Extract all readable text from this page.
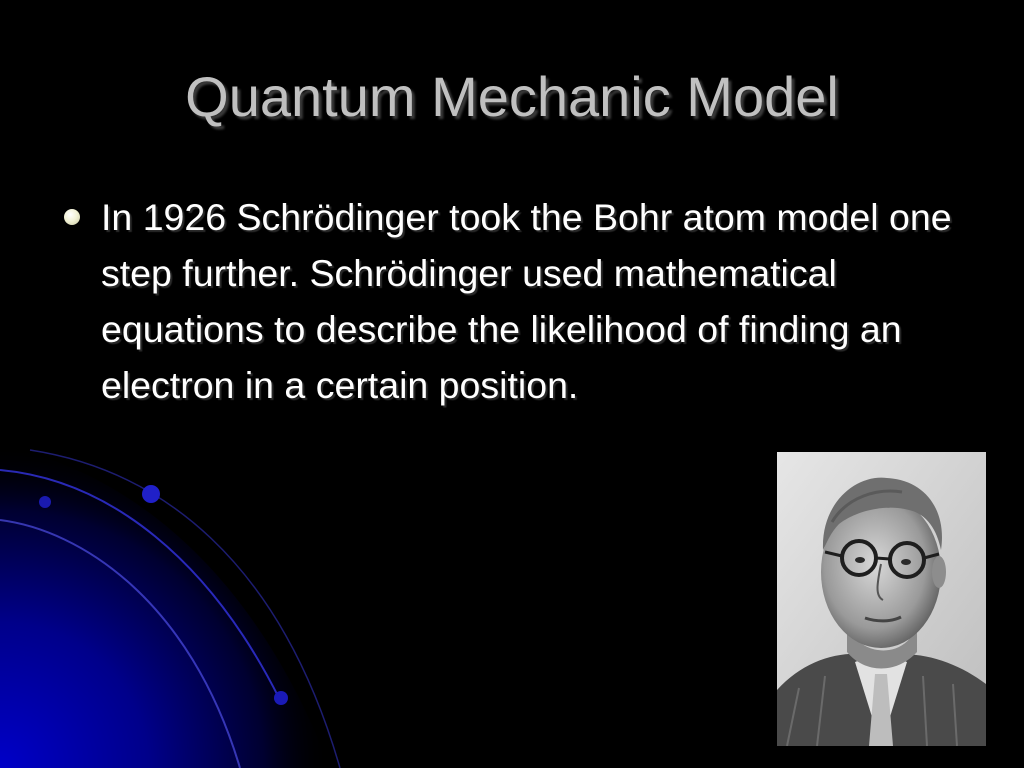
Quantum Mechanic Model
In 1926 Schrödinger took the Bohr atom model one step further. Schrödinger used mathematical equations to describe the likelihood of finding an electron in a certain position.
